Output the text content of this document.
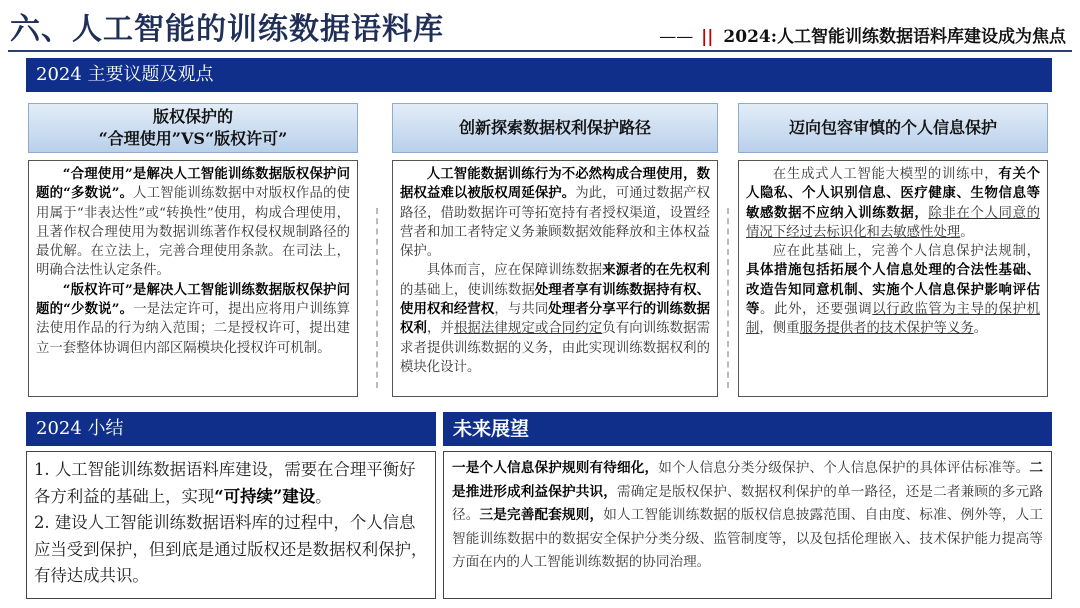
六、人工智能的训练数据语料库	—— || 2024:人工智能训练数据语料库建设成为焦点
2024 主要议题及观点
版权保护的
“合理使用”VS“版权许可”

“合理使用”是解决人工智能训练数据版权保护问题的“多数说”。人工智能训练数据中对版权作品的使用属于“非表达性”或“转换性”使用，构成合理使用，且著作权合理使用为数据训练著作权侵权规制路径的最优解。在立法上，完善合理使用条款。在司法上，明确合法性认定条件。

“版权许可”是解决人工智能训练数据版权保护问题的“少数说”。一是法定许可，提出应将用户训练算法使用作品的行为纳入范围；二是授权许可，提出建立一套整体协调但内部区隔模块化授权许可机制。

创新探索数据权利保护路径

人工智能数据训练行为不必然构成合理使用，数据权益难以被版权周延保护。为此，可通过数据产权路径，借助数据许可等拓宽持有者授权渠道，设置经营者和加工者特定义务兼顾数据效能释放和主体权益保护。

具体而言，应在保障训练数据来源者的在先权利的基础上，使训练数据处理者享有训练数据持有权、使用权和经营权，与共同处理者分享平行的训练数据权利，并根据法律规定或合同约定负有向训练数据需求者提供训练数据的义务，由此实现训练数据权利的模块化设计。

迈向包容审慎的个人信息保护

在生成式人工智能大模型的训练中，有关个人隐私、个人识别信息、医疗健康、生物信息等敏感数据不应纳入训练数据，除非在个人同意的情况下经过去标识化和去敏感性处理。

应在此基础上，完善个人信息保护法规制，具体措施包括拓展个人信息处理的合法性基础、改造告知同意机制、实施个人信息保护影响评估等。此外，还要强调以行政监管为主导的保护机制，侧重服务提供者的技术保护等义务。

2024 小结
1. 人工智能训练数据语料库建设，需要在合理平衡好各方利益的基础上，实现“可持续”建设。
2. 建设人工智能训练数据语料库的过程中，个人信息应当受到保护，但到底是通过版权还是数据权利保护，有待达成共识。
未来展望
一是个人信息保护规则有待细化，如个人信息分类分级保护、个人信息保护的具体评估标准等。二是推进形成利益保护共识，需确定是版权保护、数据权利保护的单一路径，还是二者兼顾的多元路径。三是完善配套规则，如人工智能训练数据的版权信息披露范围、自由度、标准、例外等，人工智能训练数据中的数据安全保护分类分级、监管制度等，以及包括伦理嵌入、技术保护能力提高等方面在内的人工智能训练数据的协同治理。
